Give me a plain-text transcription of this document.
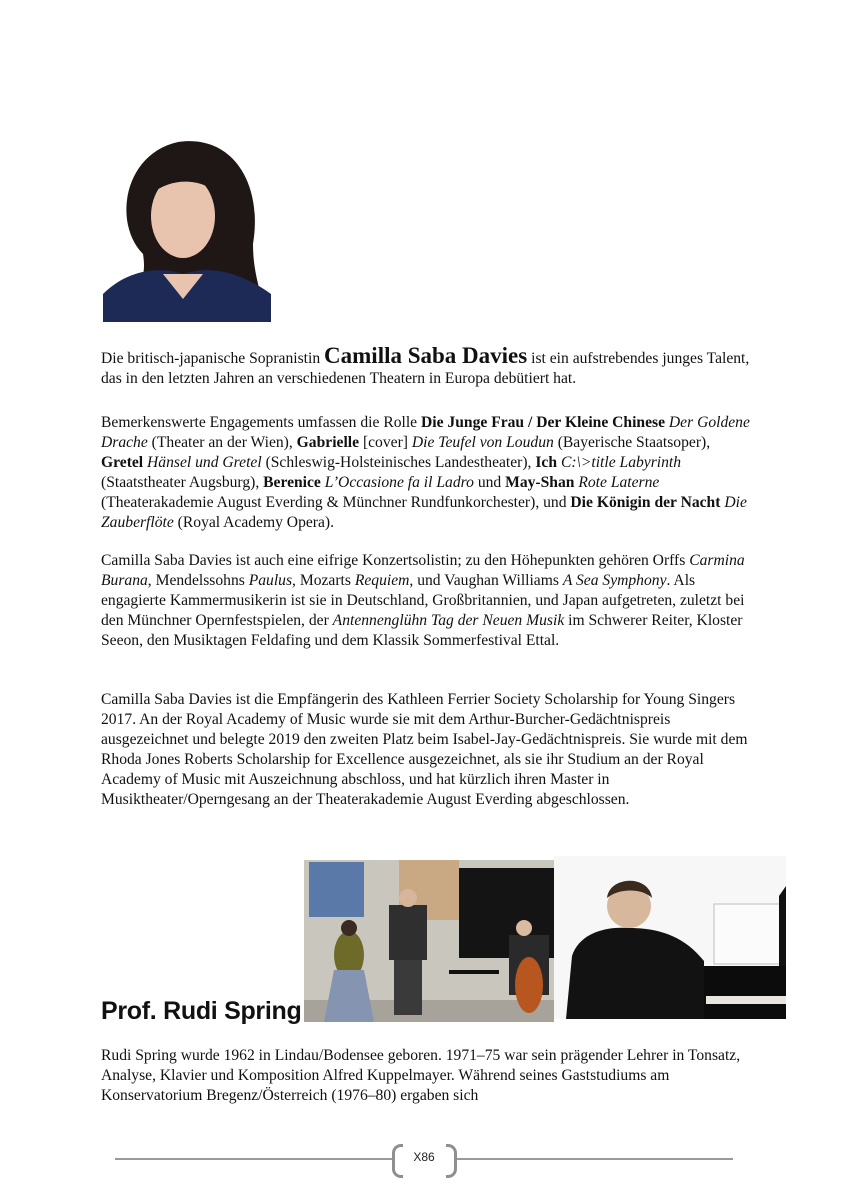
Die britisch-japanische Sopranistin Camilla Saba Davies ist ein aufstrebendes junges Talent, das in den letzten Jahren an verschiedenen Theatern in Europa debütiert hat.

Bemerkenswerte Engagements umfassen die Rolle Die Junge Frau / Der Kleine Chinese Der Goldene Drache (Theater an der Wien), Gabrielle [cover] Die Teufel von Loudun (Bayerische Staatsoper), Gretel Hänsel und Gretel (Schleswig-Holsteinisches Landestheater), Ich C:\>title Labyrinth (Staatstheater Augsburg), Berenice L’Occasione fa il Ladro und May-Shan Rote Laterne (Theaterakademie August Everding & Münchner Rundfunkorchester), und Die Königin der Nacht Die Zauberflöte (Royal Academy Opera).

Camilla Saba Davies ist auch eine eifrige Konzertsolistin; zu den Höhepunkten gehören Orffs Carmina Burana, Mendelssohns Paulus, Mozarts Requiem, und Vaughan Williams A Sea Symphony. Als engagierte Kammermusikerin ist sie in Deutschland, Großbritannien, und Japan aufgetreten, zuletzt bei den Münchner Opernfestspielen, der Antennenglühn Tag der Neuen Musik im Schwerer Reiter, Kloster Seeon, den Musiktagen Feldafing und dem Klassik Sommerfestival Ettal.

Camilla Saba Davies ist die Empfängerin des Kathleen Ferrier Society Scholarship for Young Singers 2017. An der Royal Academy of Music wurde sie mit dem Arthur-Burcher-Gedächtnispreis ausgezeichnet und belegte 2019 den zweiten Platz beim Isabel-Jay-Gedächtnispreis. Sie wurde mit dem Rhoda Jones Roberts Scholarship for Excellence ausgezeichnet, als sie ihr Studium an der Royal Academy of Music mit Auszeichnung abschloss, und hat kürzlich ihren Master in Musiktheater/Operngesang an der Theaterakademie August Everding abgeschlossen.

Prof. Rudi Spring

Rudi Spring wurde 1962 in Lindau/Bodensee geboren. 1971–75 war sein prägender Lehrer in Tonsatz, Analyse, Klavier und Komposition Alfred Kuppelmayer. Während seines Gaststudiums am Konservatorium Bregenz/Österreich (1976–80) ergaben sich

X86
